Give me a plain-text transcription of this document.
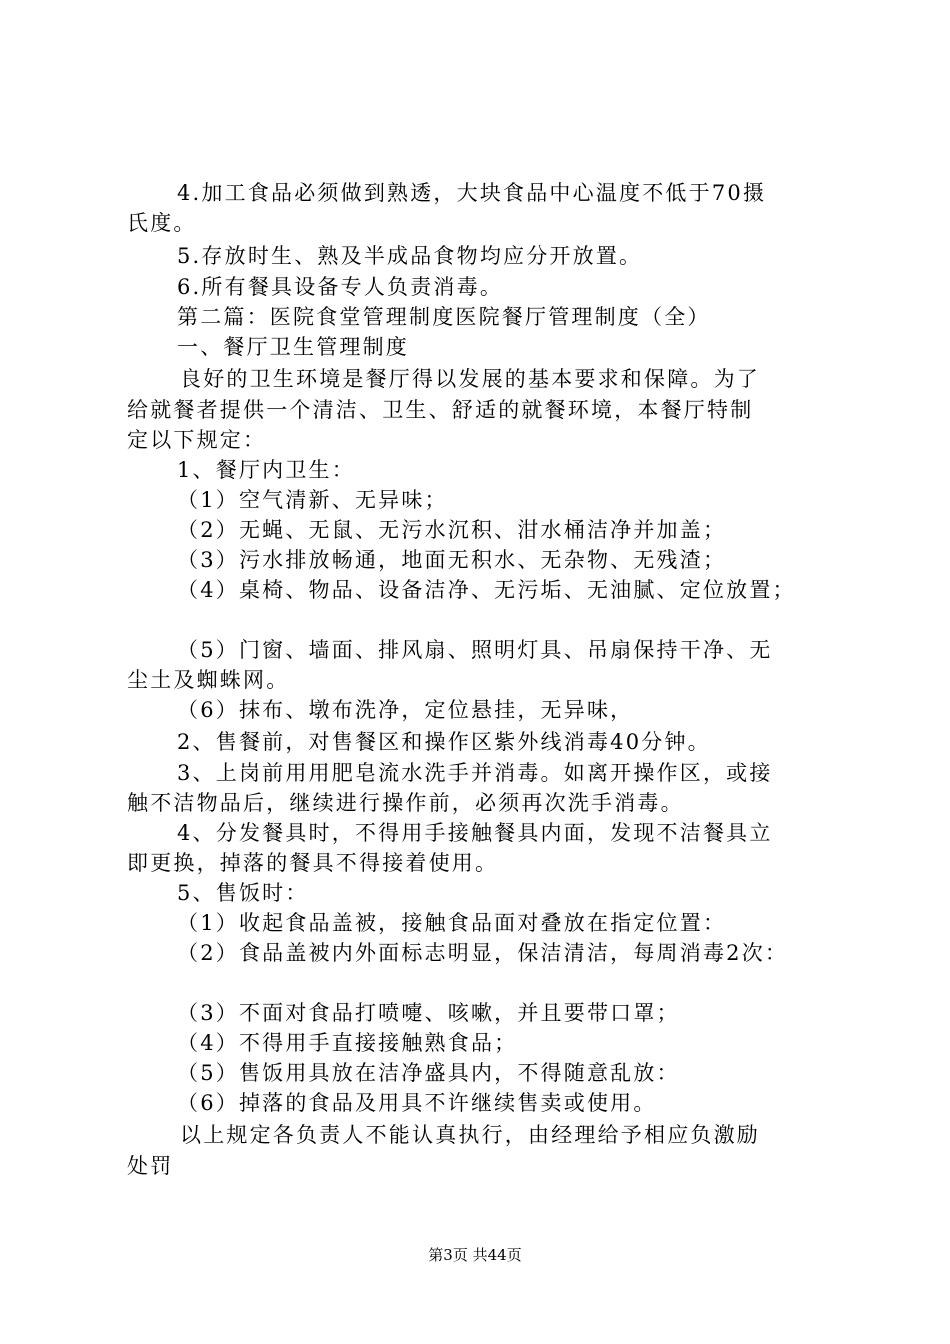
4.加工食品必须做到熟透，大块食品中心温度不低于70摄
氏度。
5.存放时生、熟及半成品食物均应分开放置。
6.所有餐具设备专人负责消毒。
第二篇：医院食堂管理制度医院餐厅管理制度（全）
一、餐厅卫生管理制度
良好的卫生环境是餐厅得以发展的基本要求和保障。为了
给就餐者提供一个清洁、卫生、舒适的就餐环境，本餐厅特制
定以下规定：
1、餐厅内卫生：
（1）空气清新、无异味；
（2）无蝇、无鼠、无污水沉积、泔水桶洁净并加盖；
（3）污水排放畅通，地面无积水、无杂物、无残渣；
（4）桌椅、物品、设备洁净、无污垢、无油腻、定位放置；
（5）门窗、墙面、排风扇、照明灯具、吊扇保持干净、无
尘土及蜘蛛网。
（6）抹布、墩布洗净，定位悬挂，无异味，
2、售餐前，对售餐区和操作区紫外线消毒40分钟。
3、上岗前用用肥皂流水洗手并消毒。如离开操作区，或接
触不洁物品后，继续进行操作前，必须再次洗手消毒。
4、分发餐具时，不得用手接触餐具内面，发现不洁餐具立
即更换，掉落的餐具不得接着使用。
5、售饭时：
（1）收起食品盖被，接触食品面对叠放在指定位置：
（2）食品盖被内外面标志明显，保洁清洁，每周消毒2次：
（3）不面对食品打喷嚏、咳嗽，并且要带口罩；
（4）不得用手直接接触熟食品；
（5）售饭用具放在洁净盛具内，不得随意乱放：
（6）掉落的食品及用具不许继续售卖或使用。
以上规定各负责人不能认真执行，由经理给予相应负激励
处罚
第3页 共44页
